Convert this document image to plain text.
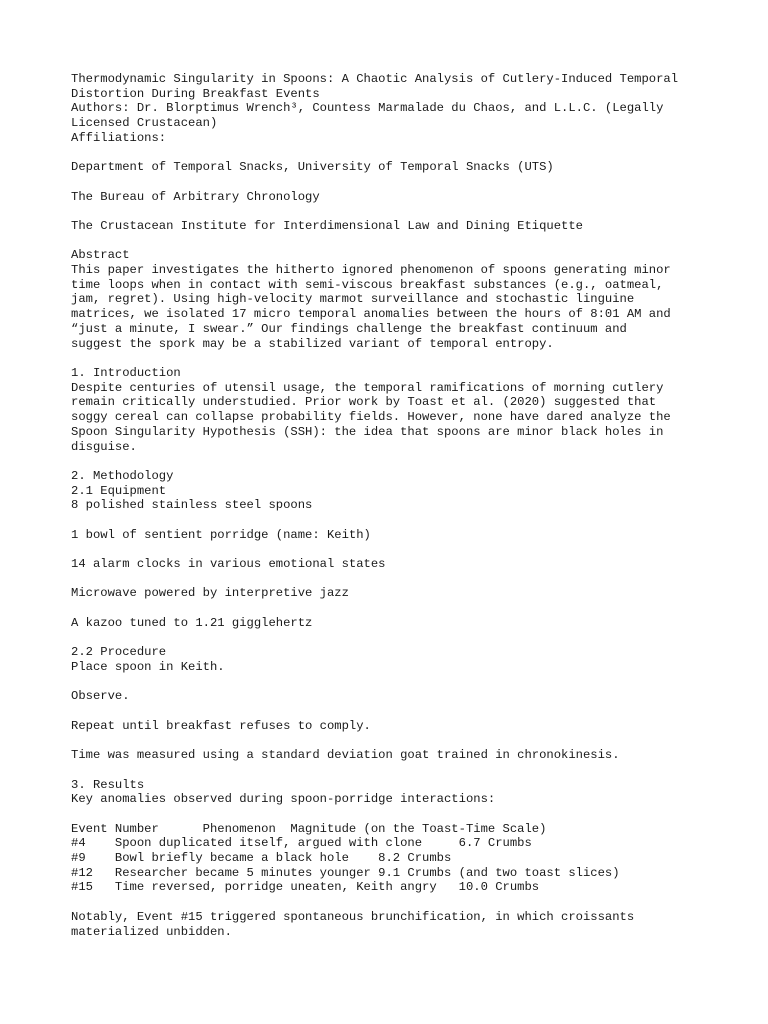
Thermodynamic Singularity in Spoons: A Chaotic Analysis of Cutlery-Induced Temporal
Distortion During Breakfast Events
Authors: Dr. Blorptimus Wrench³, Countess Marmalade du Chaos, and L.L.C. (Legally
Licensed Crustacean)
Affiliations:
Department of Temporal Snacks, University of Temporal Snacks (UTS)
The Bureau of Arbitrary Chronology
The Crustacean Institute for Interdimensional Law and Dining Etiquette
Abstract
This paper investigates the hitherto ignored phenomenon of spoons generating minor
time loops when in contact with semi-viscous breakfast substances (e.g., oatmeal,
jam, regret). Using high-velocity marmot surveillance and stochastic linguine
matrices, we isolated 17 micro temporal anomalies between the hours of 8:01 AM and
“just a minute, I swear.” Our findings challenge the breakfast continuum and
suggest the spork may be a stabilized variant of temporal entropy.
1. Introduction
Despite centuries of utensil usage, the temporal ramifications of morning cutlery
remain critically understudied. Prior work by Toast et al. (2020) suggested that
soggy cereal can collapse probability fields. However, none have dared analyze the
Spoon Singularity Hypothesis (SSH): the idea that spoons are minor black holes in
disguise.
2. Methodology
2.1 Equipment
8 polished stainless steel spoons
1 bowl of sentient porridge (name: Keith)
14 alarm clocks in various emotional states
Microwave powered by interpretive jazz
A kazoo tuned to 1.21 gigglehertz
2.2 Procedure
Place spoon in Keith.
Observe.
Repeat until breakfast refuses to comply.
Time was measured using a standard deviation goat trained in chronokinesis.
3. Results
Key anomalies observed during spoon-porridge interactions:
Event Number      Phenomenon  Magnitude (on the Toast-Time Scale)
#4    Spoon duplicated itself, argued with clone     6.7 Crumbs
#9    Bowl briefly became a black hole    8.2 Crumbs
#12   Researcher became 5 minutes younger 9.1 Crumbs (and two toast slices)
#15   Time reversed, porridge uneaten, Keith angry   10.0 Crumbs
Notably, Event #15 triggered spontaneous brunchification, in which croissants
materialized unbidden.
